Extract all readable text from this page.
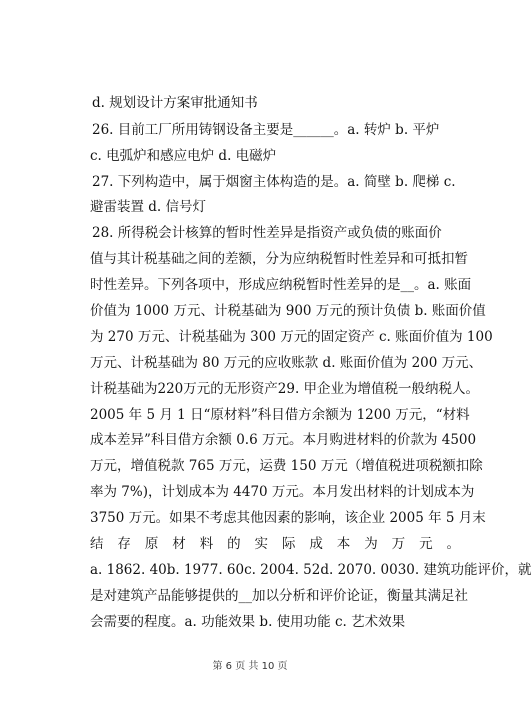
d. 规划设计方案审批通知书
26. 目前工厂所用铸钢设备主要是______。a. 转炉 b. 平炉
c. 电弧炉和感应电炉 d. 电磁炉
27. 下列构造中，属于烟窗主体构造的是。a. 简壁 b. 爬梯 c.
避雷装置 d. 信号灯
28. 所得税会计核算的暂时性差异是指资产或负债的账面价
值与其计税基础之间的差额，分为应纳税暂时性差异和可抵扣暂
时性差异。下列各项中，形成应纳税暂时性差异的是__。a. 账面
价值为 1000 万元、计税基础为 900 万元的预计负债 b. 账面价值
为 270 万元、计税基础为 300 万元的固定资产 c. 账面价值为 100
万元、计税基础为 80 万元的应收账款 d. 账面价值为 200 万元、
计税基础为220万元的无形资产29. 甲企业为增值税一般纳税人。
2005 年 5 月 1 日“原材料”科目借方余额为 1200 万元，“材料
成本差异”科目借方余额 0.6 万元。本月购进材料的价款为 4500
万元，增值税款 765 万元，运费 150 万元（增值税进项税额扣除
率为 7%)，计划成本为 4470 万元。本月发出材料的计划成本为
3750 万元。如果不考虑其他因素的影响，该企业 2005 年 5 月末
结 存 原 材 料 的 实 际 成 本 为 万 元 。
a. 1862. 40b. 1977. 60c. 2004. 52d. 2070. 0030. 建筑功能评价，就
是对建筑产品能够提供的__加以分析和评价论证，衡量其满足社
会需要的程度。a. 功能效果 b. 使用功能 c. 艺术效果
第 6 页 共 10 页
